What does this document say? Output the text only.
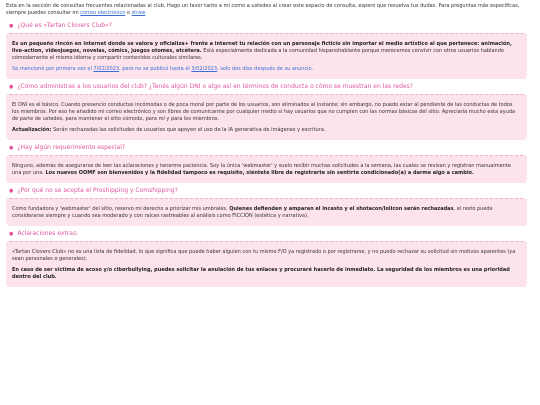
Esta en la sección de consultas frecuentes relacionadas al club. Hago un favor tanto a mí como a ustedes al crear este espacio de consulta, espero que resuelva tus dudas. Para preguntas más específicas, siempre puedes consultar mi correo electrónico o straw

● ¿Qué es «Tartan Clovers Club»?

Es un pequeño rincón en internet donde se valora y oficializa+ frente a internet tu relación con un personaje ficticio sin importar el medio artístico al que pertenece: animación, live-action, videojuegos, novelas, cómics, juegos otomes, etcétera. Está especialmente dedicada a la comunidad hispanohablante porque merecemos convivir con otros usuarios hablando cómodamente el mismo idioma y compartir contenidos culturales similares.

Se mencionó por primera vez el 7/02/2023, pero no se publicó hasta el 3/02/2023, solo dos días después de su anuncio.

● ¿Cómo administras a los usuarios del club? ¿Tenés algún DNI o algo así en términos de conducta o cómo se muestran en las redes?

El DNI es el básico. Cuando presencio conductas incómodas o de poca moral por parte de los usuarios, son eliminados al instante; sin embargo, no puedo estar al pendiente de las conductas de todos los miembros. Por eso he añadido mi correo electrónico y son libres de comunicarme por cualquier medio si hay usuarios que no cumplen con las normas básicas del sitio. Apreciaría mucho esta ayuda de parte de ustedes, para mantener el sitio cómodo, para mí y para los miembros.

Actualización: Serán rechazadas las solicitudes de usuarios que apoyen el uso de la IA generativa de imágenes y escritura.

● ¿Hay algún requerimiento especial?

Ninguno, además de asegurarse de leer las aclaraciones y tenerme paciencia. Soy la única 'webmaster' y suelo recibir muchas solicitudes a la semana, las cuales se revisan y registran manualmente una por una. Los nuevos OOMF son bienvenidos y la fidelidad tampoco es requisito, siéntete libre de registrarte sin sentirte condicionado(a) a darme algo a cambio.

● ¿Por qué no se acepta el Proshipping y Comshipping?

Como fundadora y 'webmaster' del sitio, reservo mi derecho a priorizar mis umbrales. Quienes defienden y amparan el incesto y el shotacon/lolicon serán rechazadas, el resto puede considerarse siempre y cuando sea moderado y con raíces rastreables al análisis como FICCIÓN (estética y narrativa).

● Aclaraciones extras:

«Tartan Clovers Club» no es una lista de fidelidad, lo que significa que puede haber alguien con tu mismo F/O ya registrado o por registrarse, y no puedo rechazar su solicitud sin motivos aparentes (ya sean personales o generales).

En caso de ser víctima de acoso y/o ciberbullying, puedes solicitar la anulación de tus enlaces y procuraré hacerlo de inmediato. La seguridad de los miembros es una prioridad dentro del club.
